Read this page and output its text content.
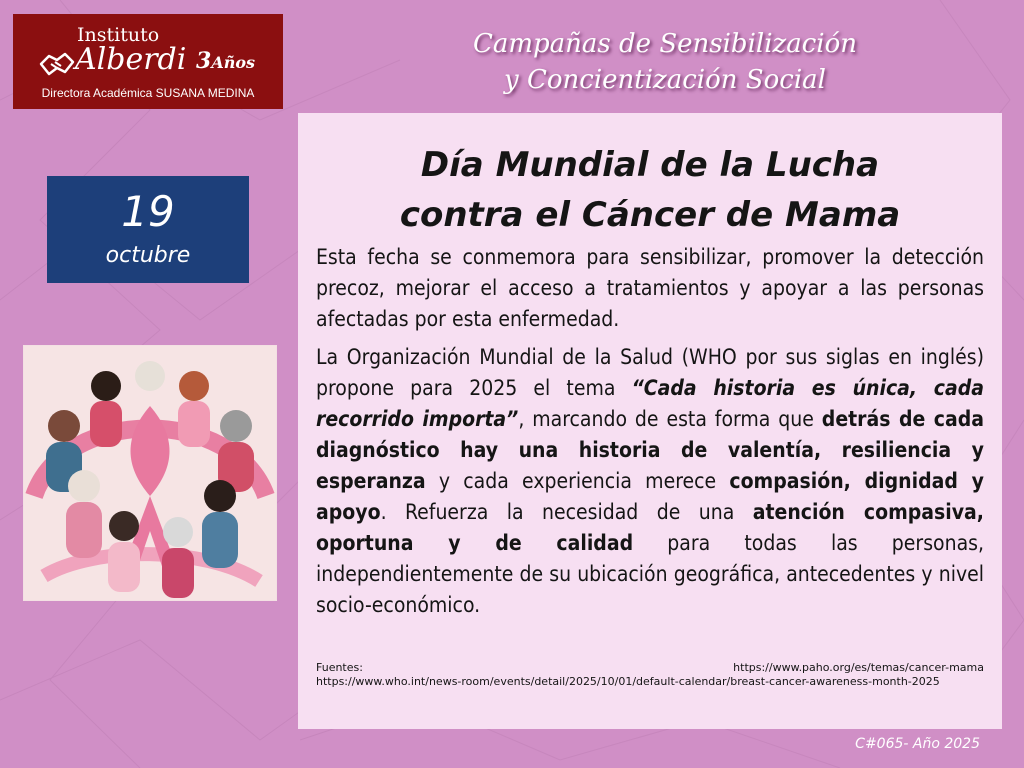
Instituto
Alberdi 3Años
Directora Académica SUSANA MEDINA
Campañas de Sensibilización
y Concientización Social
19
octubre
Día Mundial de la Lucha
contra el Cáncer de Mama

Esta fecha se conmemora para sensibilizar, promover la detección precoz, mejorar el acceso a tratamientos y apoyar a las personas afectadas por esta enfermedad.

La Organización Mundial de la Salud (WHO por sus siglas en inglés) propone para 2025 el tema “Cada historia es única, cada recorrido importa”, marcando de esta forma que detrás de cada diagnóstico hay una historia de valentía, resiliencia y esperanza y cada experiencia merece compasión, dignidad y apoyo. Refuerza la necesidad de una atención compasiva, oportuna y de calidad para todas las personas, independientemente de su ubicación geográfica, antecedentes y nivel socio-económico.

Fuentes:	https://www.paho.org/es/temas/cancer-mama
https://www.who.int/news-room/events/detail/2025/10/01/default-calendar/breast-cancer-awareness-month-2025
C#065- Año 2025
